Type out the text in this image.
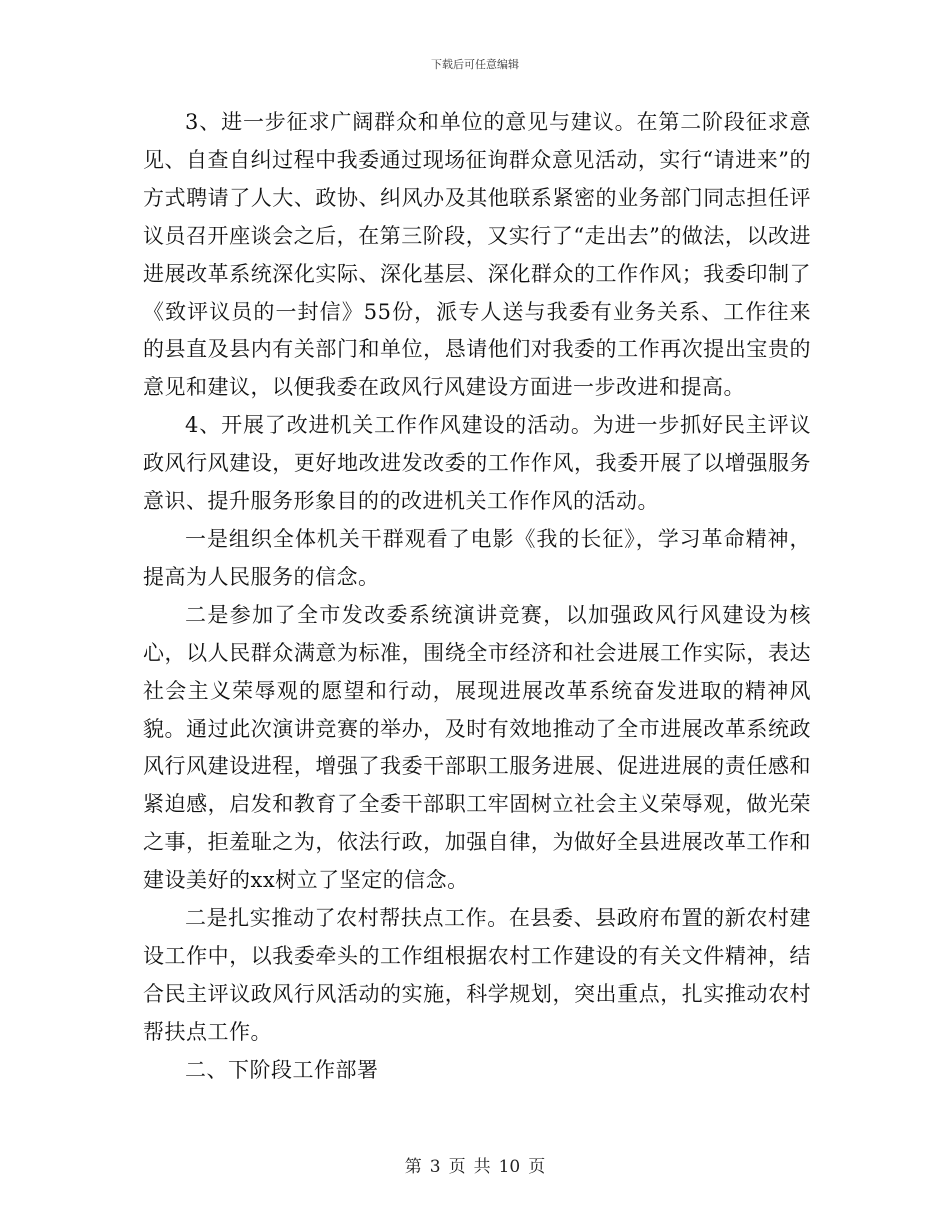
下载后可任意编辑

3、进一步征求广阔群众和单位的意见与建议。在第二阶段征求意见、自查自纠过程中我委通过现场征询群众意见活动，实行“请进来”的方式聘请了人大、政协、纠风办及其他联系紧密的业务部门同志担任评议员召开座谈会之后，在第三阶段，又实行了“走出去”的做法，以改进进展改革系统深化实际、深化基层、深化群众的工作作风；我委印制了《致评议员的一封信》55份，派专人送与我委有业务关系、工作往来的县直及县内有关部门和单位，恳请他们对我委的工作再次提出宝贵的意见和建议，以便我委在政风行风建设方面进一步改进和提高。

4、开展了改进机关工作作风建设的活动。为进一步抓好民主评议政风行风建设，更好地改进发改委的工作作风，我委开展了以增强服务意识、提升服务形象目的的改进机关工作作风的活动。

一是组织全体机关干群观看了电影《我的长征》，学习革命精神，提高为人民服务的信念。

二是参加了全市发改委系统演讲竞赛，以加强政风行风建设为核心，以人民群众满意为标准，围绕全市经济和社会进展工作实际，表达社会主义荣辱观的愿望和行动，展现进展改革系统奋发进取的精神风貌。通过此次演讲竞赛的举办，及时有效地推动了全市进展改革系统政风行风建设进程，增强了我委干部职工服务进展、促进进展的责任感和紧迫感，启发和教育了全委干部职工牢固树立社会主义荣辱观，做光荣之事，拒羞耻之为，依法行政，加强自律，为做好全县进展改革工作和建设美好的xx树立了坚定的信念。

二是扎实推动了农村帮扶点工作。在县委、县政府布置的新农村建设工作中，以我委牵头的工作组根据农村工作建设的有关文件精神，结合民主评议政风行风活动的实施，科学规划，突出重点，扎实推动农村帮扶点工作。

二、下阶段工作部署

第 3 页 共 10 页
